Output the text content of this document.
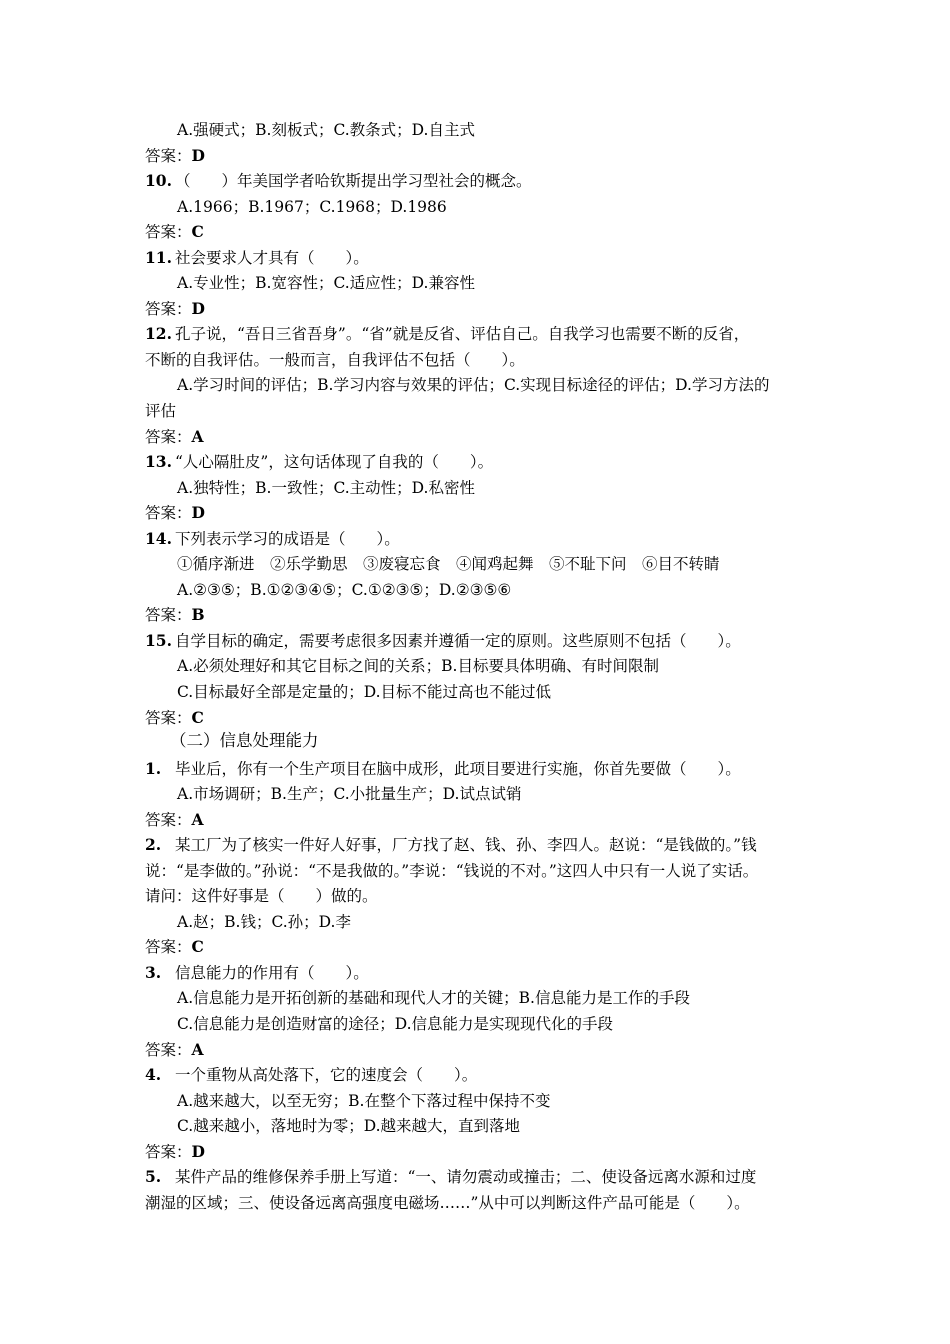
A.强硬式；B.刻板式；C.教条式；D.自主式
答案：D
10. （　　）年美国学者哈钦斯提出学习型社会的概念。
A.1966；B.1967；C.1968；D.1986
答案：C
11. 社会要求人才具有（　　）。
A.专业性；B.宽容性；C.适应性；D.兼容性
答案：D
12. 孔子说，“吾日三省吾身”。“省”就是反省、评估自己。自我学习也需要不断的反省，
不断的自我评估。一般而言，自我评估不包括（　　）。
A.学习时间的评估；B.学习内容与效果的评估；C.实现目标途径的评估；D.学习方法的
评估
答案：A
13. “人心隔肚皮”，这句话体现了自我的（　　）。
A.独特性；B.一致性；C.主动性；D.私密性
答案：D
14. 下列表示学习的成语是（　　）。
①循序渐进　②乐学勤思　③废寝忘食　④闻鸡起舞　⑤不耻下问　⑥目不转睛
A.②③⑤；B.①②③④⑤；C.①②③⑤；D.②③⑤⑥
答案：B
15. 自学目标的确定，需要考虑很多因素并遵循一定的原则。这些原则不包括（　　）。
A.必须处理好和其它目标之间的关系；B.目标要具体明确、有时间限制
C.目标最好全部是定量的；D.目标不能过高也不能过低
答案：C
（二）信息处理能力
1. 毕业后，你有一个生产项目在脑中成形，此项目要进行实施，你首先要做（　　）。
A.市场调研；B.生产；C.小批量生产；D.试点试销
答案：A
2. 某工厂为了核实一件好人好事，厂方找了赵、钱、孙、李四人。赵说：“是钱做的。”钱
说：“是李做的。”孙说：“不是我做的。”李说：“钱说的不对。”这四人中只有一人说了实话。
请问：这件好事是（　　）做的。
A.赵；B.钱；C.孙；D.李
答案：C
3. 信息能力的作用有（　　）。
A.信息能力是开拓创新的基础和现代人才的关键；B.信息能力是工作的手段
C.信息能力是创造财富的途径；D.信息能力是实现现代化的手段
答案：A
4. 一个重物从高处落下，它的速度会（　　）。
A.越来越大，以至无穷；B.在整个下落过程中保持不变
C.越来越小，落地时为零；D.越来越大，直到落地
答案：D
5. 某件产品的维修保养手册上写道：“一、请勿震动或撞击；二、使设备远离水源和过度
潮湿的区域；三、使设备远离高强度电磁场……”从中可以判断这件产品可能是（　　）。
